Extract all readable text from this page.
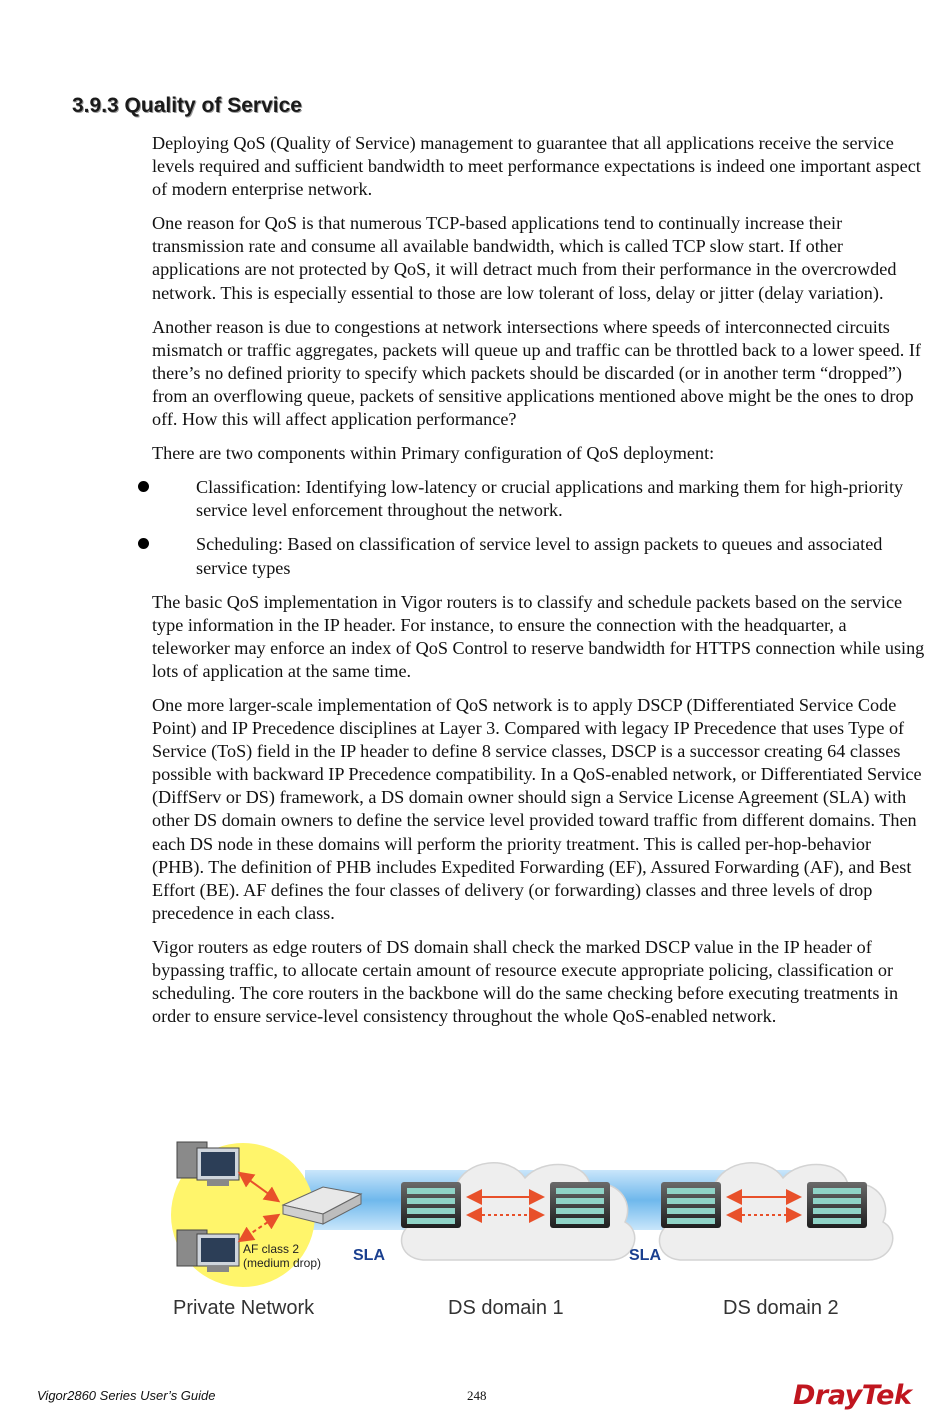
3.9.3 Quality of Service

Deploying QoS (Quality of Service) management to guarantee that all applications receive the service levels required and sufficient bandwidth to meet performance expectations is indeed one important aspect of modern enterprise network.

One reason for QoS is that numerous TCP-based applications tend to continually increase their transmission rate and consume all available bandwidth, which is called TCP slow start. If other applications are not protected by QoS, it will detract much from their performance in the overcrowded network. This is especially essential to those are low tolerant of loss, delay or jitter (delay variation).

Another reason is due to congestions at network intersections where speeds of interconnected circuits mismatch or traffic aggregates, packets will queue up and traffic can be throttled back to a lower speed. If there’s no defined priority to specify which packets should be discarded (or in another term “dropped”) from an overflowing queue, packets of sensitive applications mentioned above might be the ones to drop off. How this will affect application performance?

There are two components within Primary configuration of QoS deployment:

Classification: Identifying low-latency or crucial applications and marking them for high-priority service level enforcement throughout the network.
Scheduling: Based on classification of service level to assign packets to queues and associated service types

The basic QoS implementation in Vigor routers is to classify and schedule packets based on the service type information in the IP header. For instance, to ensure the connection with the headquarter, a teleworker may enforce an index of QoS Control to reserve bandwidth for HTTPS connection while using lots of application at the same time.

One more larger-scale implementation of QoS network is to apply DSCP (Differentiated Service Code Point) and IP Precedence disciplines at Layer 3. Compared with legacy IP Precedence that uses Type of Service (ToS) field in the IP header to define 8 service classes, DSCP is a successor creating 64 classes possible with backward IP Precedence compatibility. In a QoS-enabled network, or Differentiated Service (DiffServ or DS) framework, a DS domain owner should sign a Service License Agreement (SLA) with other DS domain owners to define the service level provided toward traffic from different domains. Then each DS node in these domains will perform the priority treatment. This is called per-hop-behavior (PHB). The definition of PHB includes Expedited Forwarding (EF), Assured Forwarding (AF), and Best Effort (BE). AF defines the four classes of delivery (or forwarding) classes and three levels of drop precedence in each class.

Vigor routers as edge routers of DS domain shall check the marked DSCP value in the IP header of bypassing traffic, to allocate certain amount of resource execute appropriate policing, classification or scheduling. The core routers in the backbone will do the same checking before executing treatments in order to ensure service-level consistency throughout the whole QoS-enabled network.

AF class 2
(medium drop) SLA	SLA
Private Network	DS domain 1	DS domain 2
Vigor2860 Series User’s Guide	248	DrayTek
